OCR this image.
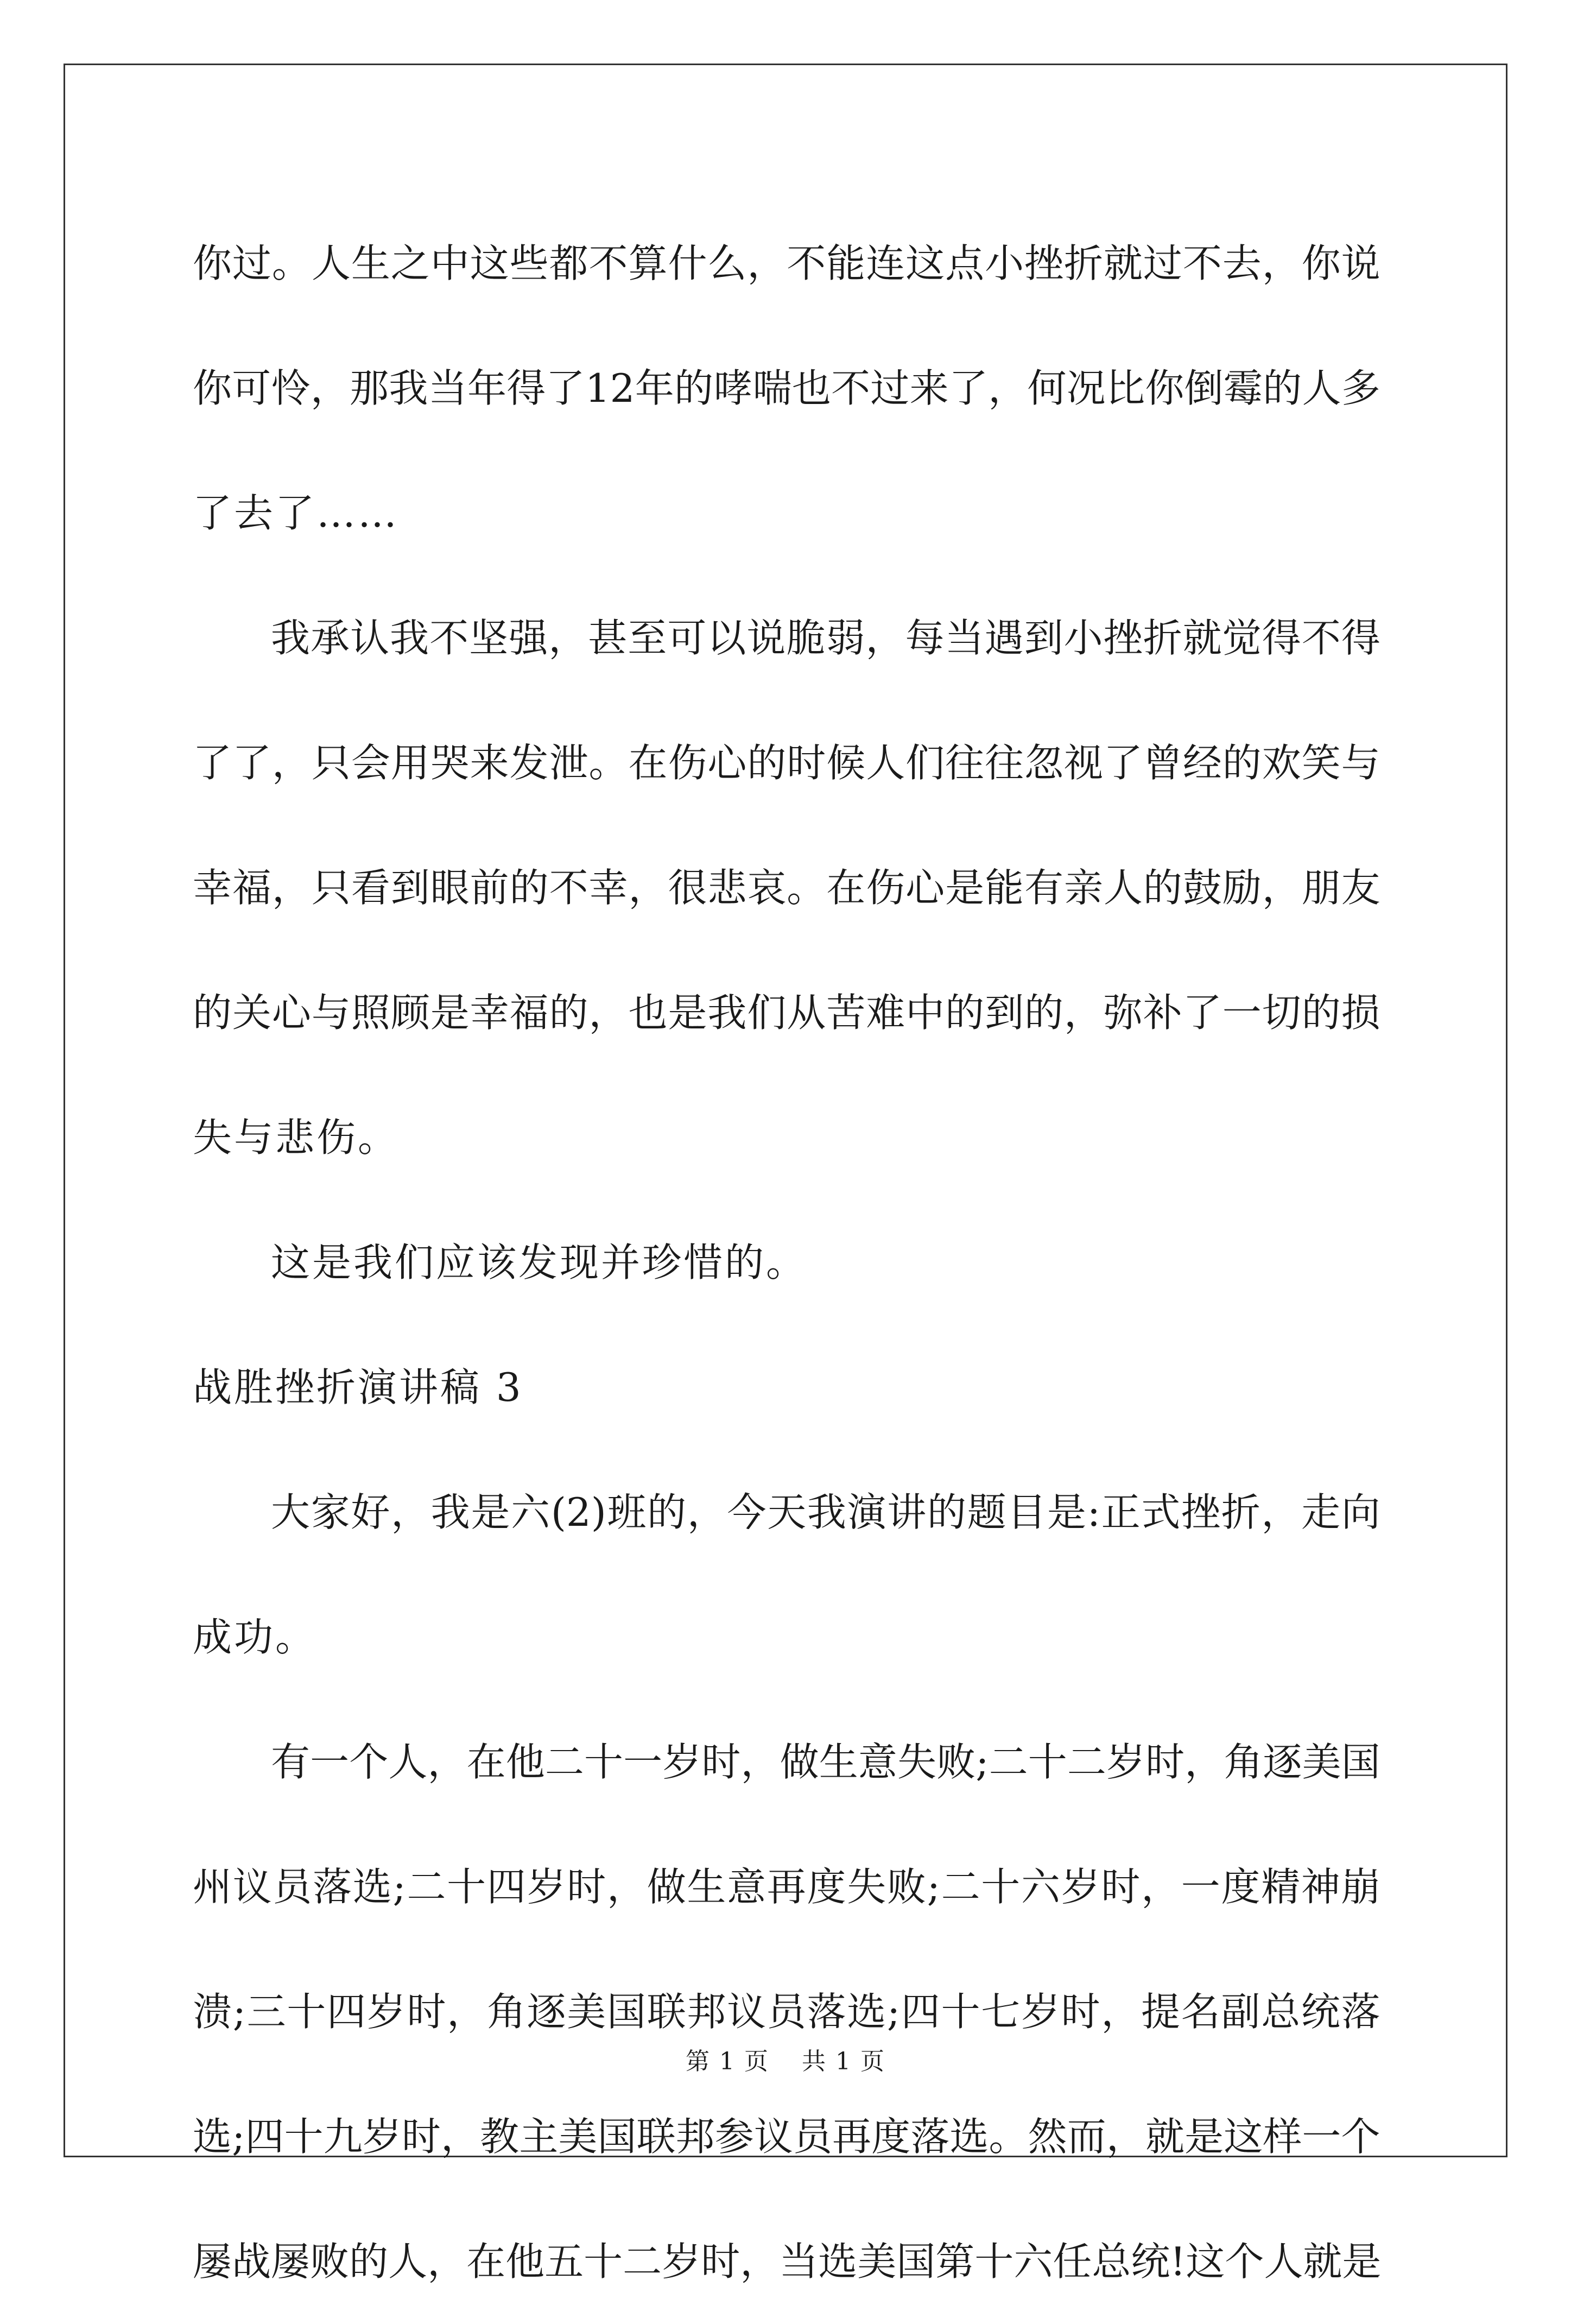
你 过 。 人 生 之 中 这 些 都 不 算 什 么 ， 不 能 连 这 点 小 挫 折 就 过 不 去 ， 你 说
你 可 怜 ， 那 我 当 年 得 了 12 年 的 哮 喘 也 不 过 来 了 ， 何 况 比 你 倒 霉 的 人 多
了去了……
我 承 认 我 不 坚 强 ， 甚 至 可 以 说 脆 弱 ， 每 当 遇 到 小 挫 折 就 觉 得 不 得
了 了 ， 只 会 用 哭 来 发 泄 。 在 伤 心 的 时 候 人 们 往 往 忽 视 了 曾 经 的 欢 笑 与
幸 福 ， 只 看 到 眼 前 的 不 幸 ， 很 悲 哀 。 在 伤 心 是 能 有 亲 人 的 鼓 励 ， 朋 友
的 关 心 与 照 顾 是 幸 福 的 ， 也 是 我 们 从 苦 难 中 的 到 的 ， 弥 补 了 一 切 的 损
失与悲伤。
这是我们应该发现并珍惜的。
战胜挫折演讲稿 3
大 家 好 ， 我 是 六 (2) 班 的 ， 今 天 我 演 讲 的 题 目 是 : 正 式 挫 折 ， 走 向
成功。
有 一 个 人 ， 在 他 二 十 一 岁 时 ， 做 生 意 失 败 ; 二 十 二 岁 时 ， 角 逐 美 国
州 议 员 落 选 ; 二 十 四 岁 时 ， 做 生 意 再 度 失 败 ; 二 十 六 岁 时 ， 一 度 精 神 崩
溃 ; 三 十 四 岁 时 ， 角 逐 美 国 联 邦 议 员 落 选 ; 四 十 七 岁 时 ， 提 名 副 总 统 落
选 ; 四 十 九 岁 时 ， 教 主 美 国 联 邦 参 议 员 再 度 落 选 。 然 而 ， 就 是 这 样 一 个
屡 战 屡 败 的 人 ， 在 他 五 十 二 岁 时 ， 当 选 美 国 第 十 六 任 总 统 ! 这 个 人 就 是
第 1 页 共 1 页
